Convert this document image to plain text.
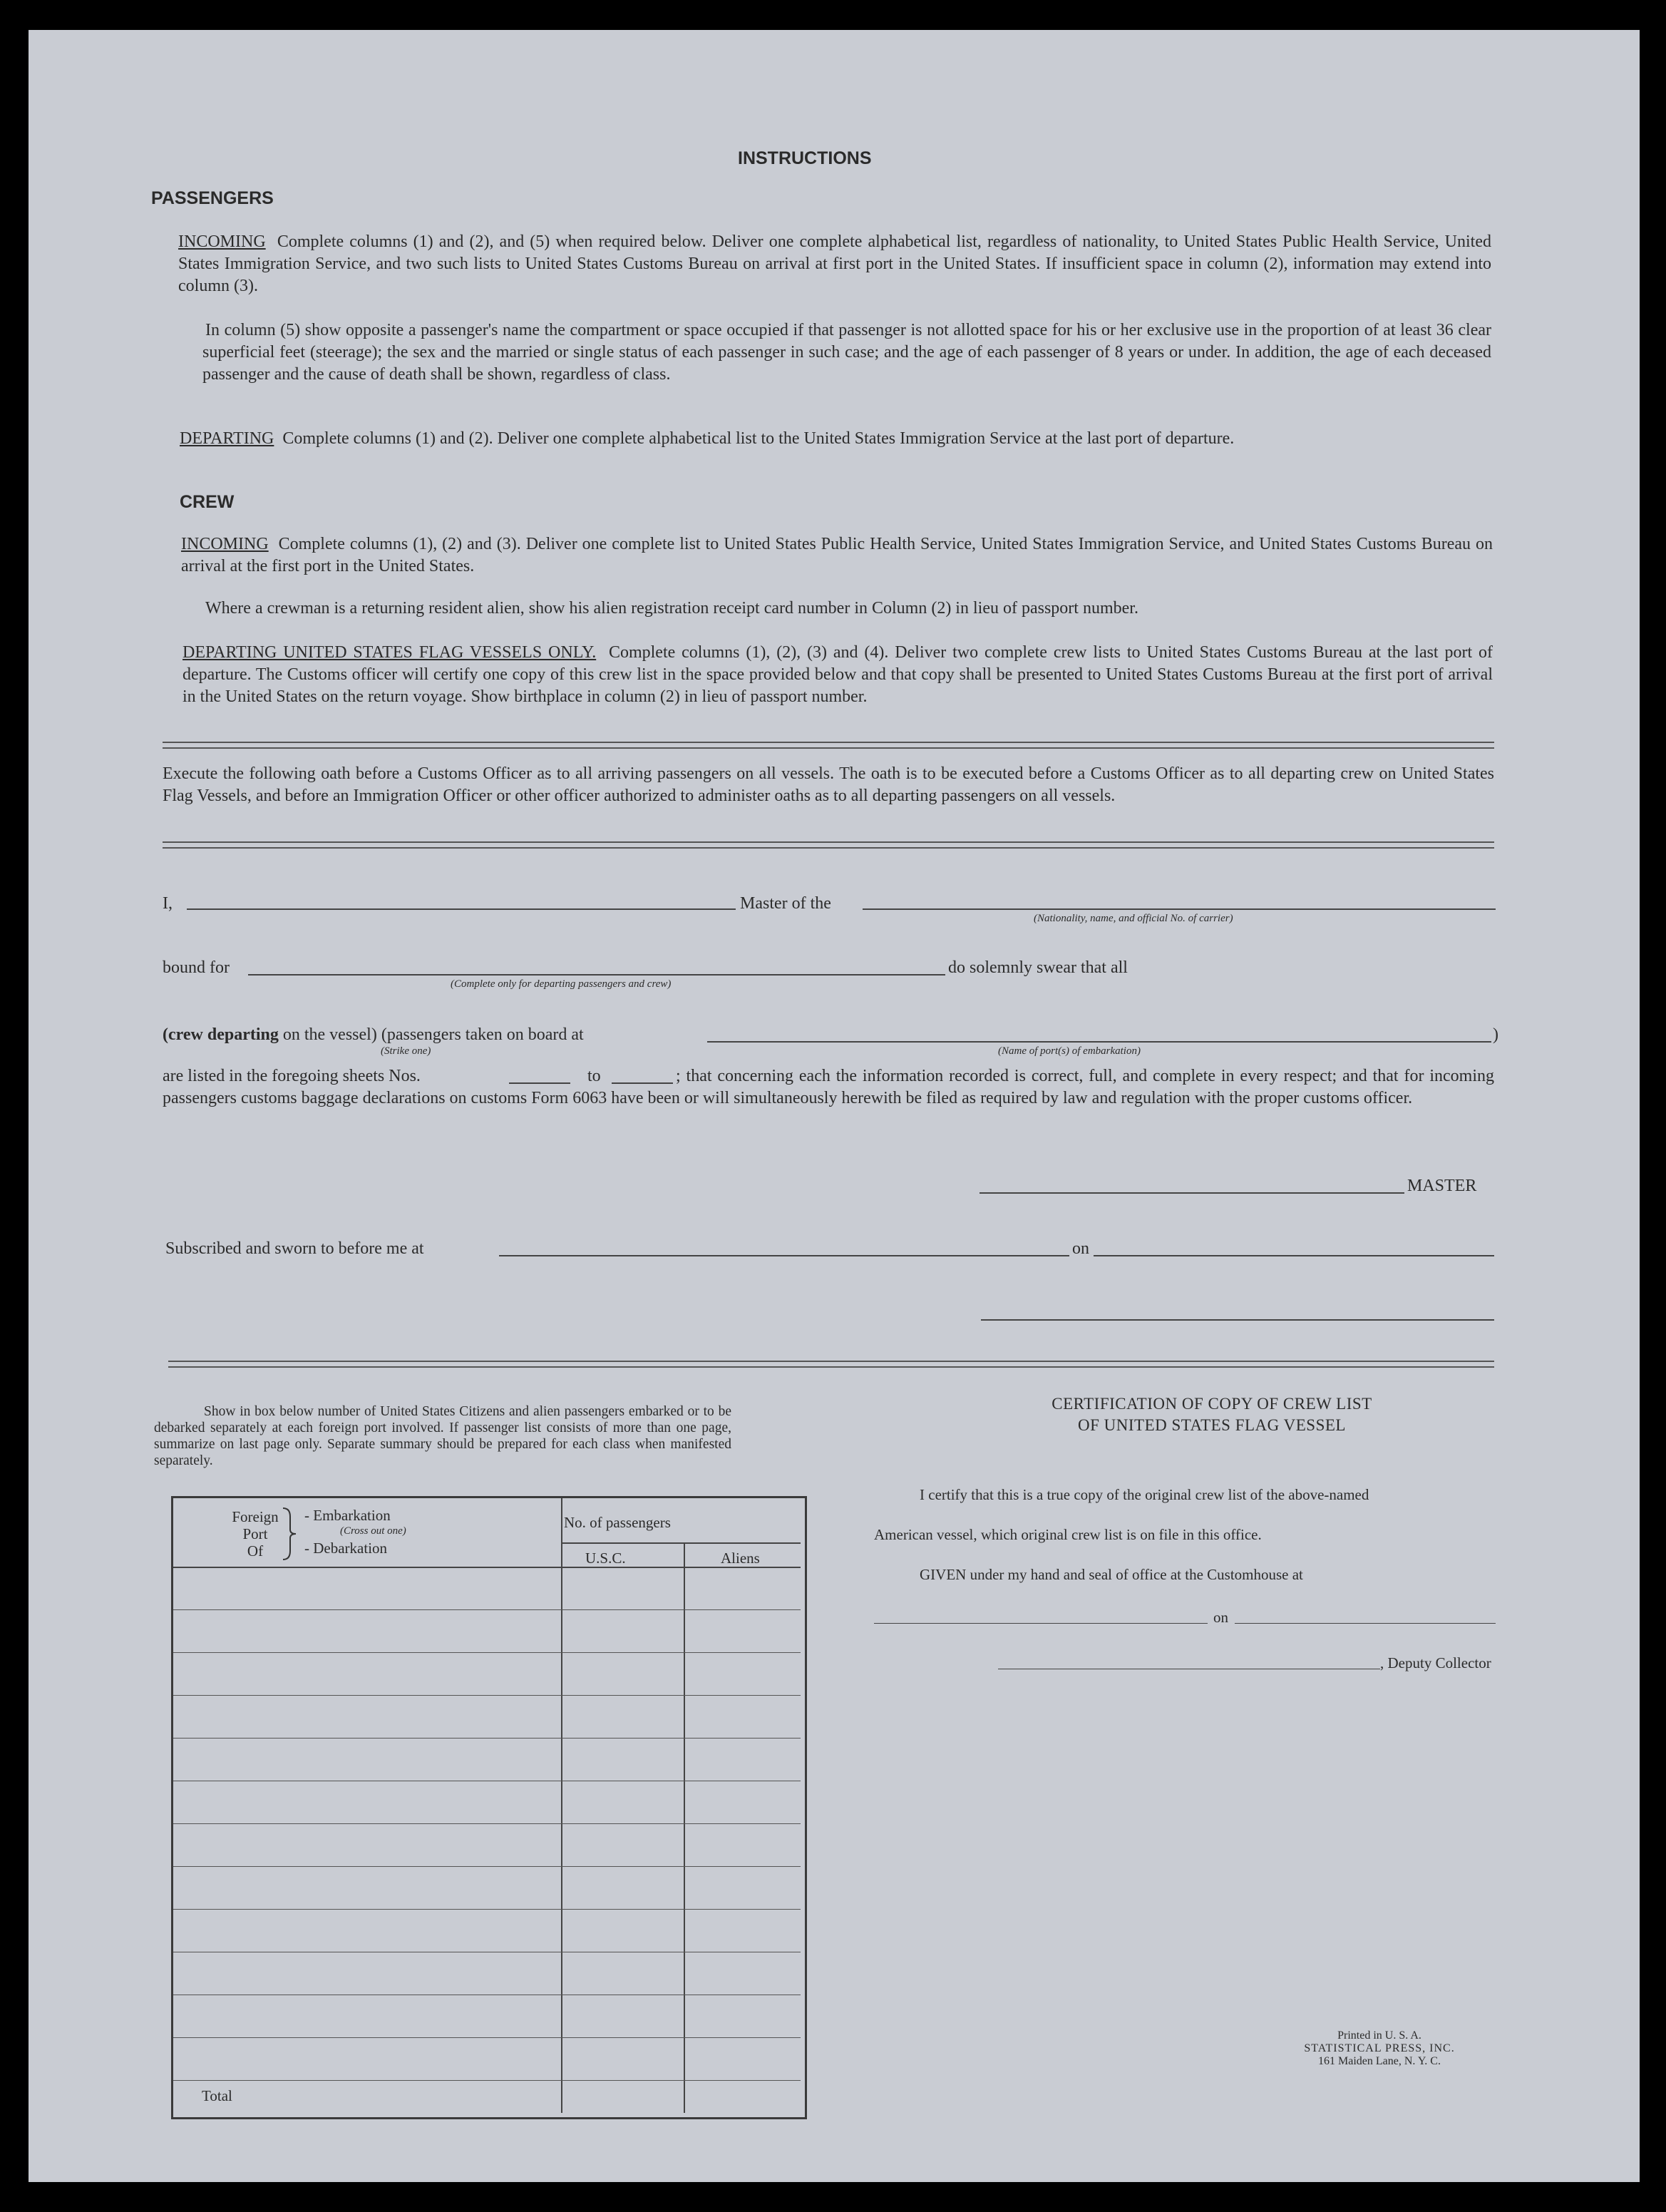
INSTRUCTIONS
PASSENGERS
INCOMING Complete columns (1) and (2), and (5) when required below. Deliver one complete alphabetical list, regardless of nationality, to United States Public Health Service, United States Immigration Service, and two such lists to United States Customs Bureau on arrival at first port in the United States. If insufficient space in column (2), information may extend into column (3).
In column (5) show opposite a passenger's name the compartment or space occupied if that passenger is not allotted space for his or her exclusive use in the proportion of at least 36 clear superficial feet (steerage); the sex and the married or single status of each passenger in such case; and the age of each passenger of 8 years or under. In addition, the age of each deceased passenger and the cause of death shall be shown, regardless of class.
DEPARTING Complete columns (1) and (2). Deliver one complete alphabetical list to the United States Immigration Service at the last port of departure.
CREW
INCOMING Complete columns (1), (2) and (3). Deliver one complete list to United States Public Health Service, United States Immigration Service, and United States Customs Bureau on arrival at the first port in the United States.
Where a crewman is a returning resident alien, show his alien registration receipt card number in Column (2) in lieu of passport number.
DEPARTING UNITED STATES FLAG VESSELS ONLY. Complete columns (1), (2), (3) and (4). Deliver two complete crew lists to United States Customs Bureau at the last port of departure. The Customs officer will certify one copy of this crew list in the space provided below and that copy shall be presented to United States Customs Bureau at the first port of arrival in the United States on the return voyage. Show birthplace in column (2) in lieu of passport number.
Execute the following oath before a Customs Officer as to all arriving passengers on all vessels. The oath is to be executed before a Customs Officer as to all departing crew on United States Flag Vessels, and before an Immigration Officer or other officer authorized to administer oaths as to all departing passengers on all vessels.
I,	Master of the
(Nationality, name, and official No. of carrier)
bound for
(Complete only for departing passengers and crew)
do solemnly swear that all
(crew departing on the vessel) (passengers taken on board at	)
(Strike one)	(Name of port(s) of embarkation)
are listed in the foregoing sheets Nos.	to	; that concerning each the information recorded is correct, full, and complete in every respect; and that for incoming passengers customs baggage declarations on customs Form 6063 have been or will simultaneously herewith be filed as required by law and regulation with the proper customs officer.
MASTER
Subscribed and sworn to before me at	on
Show in box below number of United States Citizens and alien passengers embarked or to be debarked separately at each foreign port involved. If passenger list consists of more than one page, summarize on last page only. Separate summary should be prepared for each class when manifested separately.
Foreign
Port
Of
- Embarkation
(Cross out one)
- Debarkation
No. of passengers
U.S.C.	Aliens
Total
CERTIFICATION OF COPY OF CREW LIST
OF UNITED STATES FLAG VESSEL
I certify that this is a true copy of the original crew list of the above-named
American vessel, which original crew list is on file in this office.
GIVEN under my hand and seal of office at the Customhouse at
on
, Deputy Collector
Printed in U. S. A.
STATISTICAL PRESS, INC.
161 Maiden Lane, N. Y. C.
